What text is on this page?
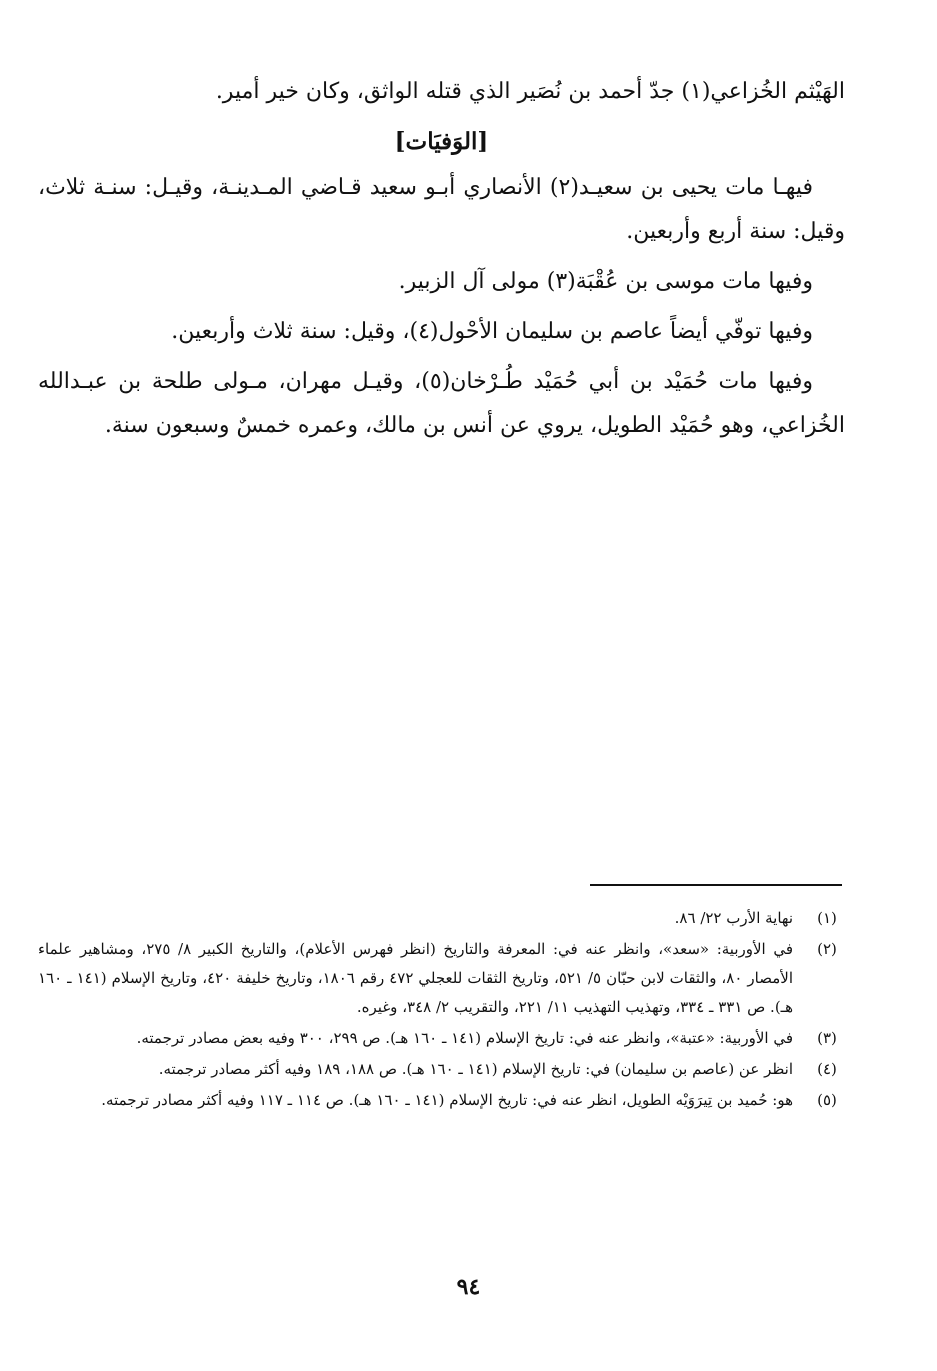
الهَيْثم الخُزاعي(١) جدّ أحمد بن نُصَير الذي قتله الواثق، وكان خير أمير.

[الوَفيَات]

فيهـا مات يحيى بن سعيـد(٢) الأنصاري أبـو سعيد قـاضي المـدينـة، وقيـل: سنـة ثلاث، وقيل: سنة أربع وأربعين.

وفيها مات موسى بن عُقْبَة(٣) مولى آل الزبير.

وفيها توفّي أيضاً عاصم بن سليمان الأحْول(٤)، وقيل: سنة ثلاث وأربعين.

وفيها مات حُمَيْد بن أبي حُمَيْد طُـرْخان(٥)، وقيـل مهران، مـولى طلحة بن عبـدالله الخُزاعي، وهو حُمَيْد الطويل، يروي عن أنس بن مالك، وعمره خمسٌ وسبعون سنة.

(١)
نهاية الأرب ٢٢/ ٨٦.
(٢)
في الأوربية: «سعد»، وانظر عنه في: المعرفة والتاريخ (انظر فهرس الأعلام)، والتاريخ الكبير ٨/ ٢٧٥، ومشاهير علماء الأمصار ٨٠، والثقات لابن حبّان ٥/ ٥٢١، وتاريخ الثقات للعجلي ٤٧٢ رقم ١٨٠٦، وتاريخ خليفة ٤٢٠، وتاريخ الإسلام (١٤١ ـ ١٦٠ هـ). ص ٣٣١ ـ ٣٣٤، وتهذيب التهذيب ١١/ ٢٢١، والتقريب ٢/ ٣٤٨، وغيره.
(٣)
في الأوربية: «عتبة»، وانظر عنه في: تاريخ الإسلام (١٤١ ـ ١٦٠ هـ). ص ٢٩٩، ٣٠٠ وفيه بعض مصادر ترجمته.
(٤)
انظر عن (عاصم بن سليمان) في: تاريخ الإسلام (١٤١ ـ ١٦٠ هـ). ص ١٨٨، ١٨٩ وفيه أكثر مصادر ترجمته.
(٥)
هو: حُميد بن تِيرَوَيْه الطويل، انظر عنه في: تاريخ الإسلام (١٤١ ـ ١٦٠ هـ). ص ١١٤ ـ ١١٧ وفيه أكثر مصادر ترجمته.
٩٤
